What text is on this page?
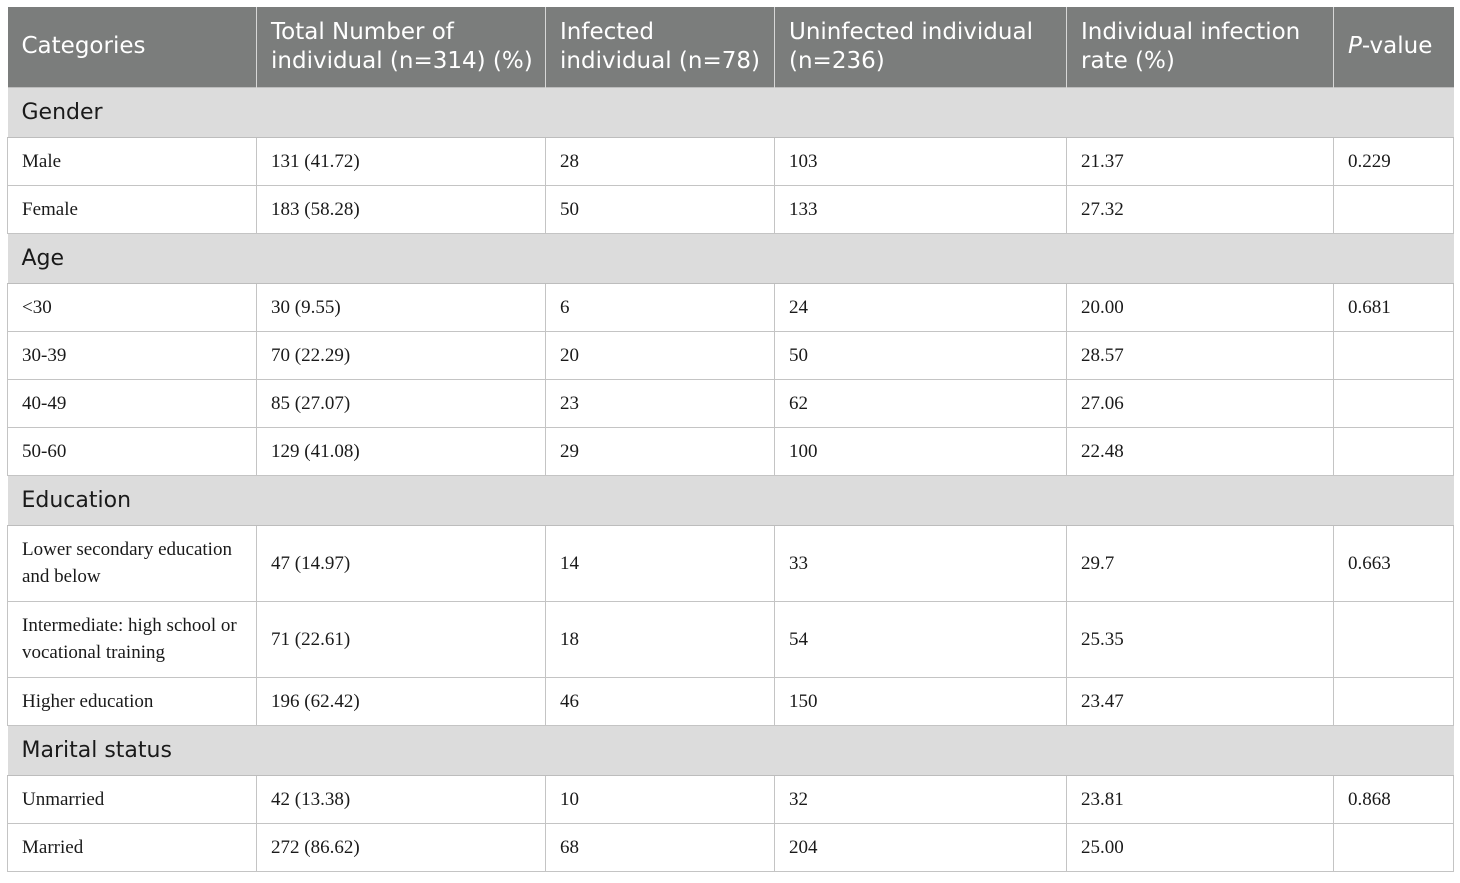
Categories	Total Number of individual (n=314) (%)	Infected individual (n=78)	Uninfected individual (n=236)	Individual infection rate (%)	P-value
Gender					
Male	131 (41.72)	28	103	21.37	0.229
Female	183 (58.28)	50	133	27.32	
Age					
<30	30 (9.55)	6	24	20.00	0.681
30-39	70 (22.29)	20	50	28.57	
40-49	85 (27.07)	23	62	27.06	
50-60	129 (41.08)	29	100	22.48	
Education					
Lower secondary education and below	47 (14.97)	14	33	29.7	0.663
Intermediate: high school or vocational training	71 (22.61)	18	54	25.35	
Higher education	196 (62.42)	46	150	23.47	
Marital status					
Unmarried	42 (13.38)	10	32	23.81	0.868
Married	272 (86.62)	68	204	25.00	
